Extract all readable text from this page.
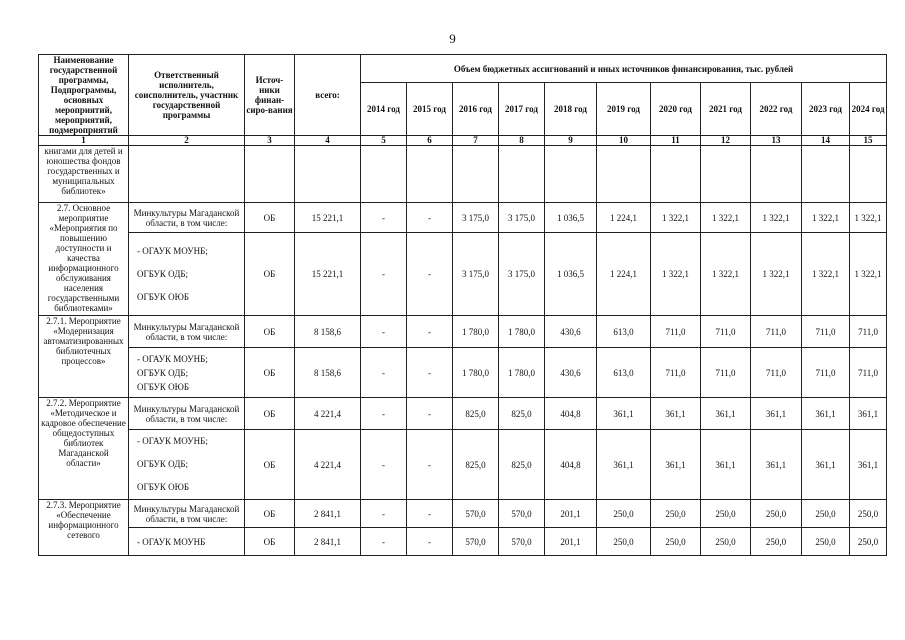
9
Наименование государственной программы, Подпрограммы, основных мероприятий, мероприятий, подмероприятий	Ответственный исполнитель, соисполнитель, участник государственной программы	Источ-ники финан-сиро-вания	всего:	Объем бюджетных ассигнований и иных источников финансирования, тыс. рублей										
				2014 год	2015 год	2016 год	2017 год	2018 год	2019 год	2020 год	2021 год	2022 год	2023 год	2024 год
1	2	3	4	5	6	7	8	9	10	11	12	13	14	15
книгами для детей и юношества фондов государственных и муниципальных библиотек»														
2.7. Основное мероприятие «Мероприятия по повышению доступности и качества информационного обслуживания населения государственными библиотеками»	Минкультуры Магаданской области, в том числе:	ОБ	15 221,1	-	-	3 175,0	3 175,0	1 036,5	1 224,1	1 322,1	1 322,1	1 322,1	1 322,1	1 322,1

	- ОГАУК МОУНБ;
ОГБУК ОДБ;
ОГБУК ОЮБ	ОБ	15 221,1	-	-	3 175,0	3 175,0	1 036,5	1 224,1	1 322,1	1 322,1	1 322,1	1 322,1	1 322,1
2.7.1. Мероприятие «Модернизация автоматизированных библиотечных процессов»	Минкультуры Магаданской области, в том числе:	ОБ	8 158,6	-	-	1 780,0	1 780,0	430,6	613,0	711,0	711,0	711,0	711,0	711,0

	- ОГАУК МОУНБ;
ОГБУК ОДБ;
ОГБУК ОЮБ	ОБ	8 158,6	-	-	1 780,0	1 780,0	430,6	613,0	711,0	711,0	711,0	711,0	711,0
2.7.2. Мероприятие «Методическое и кадровое обеспечение общедоступных библиотек Магаданской области»	Минкультуры Магаданской области, в том числе:	ОБ	4 221,4	-	-	825,0	825,0	404,8	361,1	361,1	361,1	361,1	361,1	361,1

	- ОГАУК МОУНБ;
ОГБУК ОДБ;
ОГБУК ОЮБ	ОБ	4 221,4	-	-	825,0	825,0	404,8	361,1	361,1	361,1	361,1	361,1	361,1
2.7.3. Мероприятие «Обеспечение информационного сетевого	Минкультуры Магаданской области, в том числе:	ОБ	2 841,1	-	-	570,0	570,0	201,1	250,0	250,0	250,0	250,0	250,0	250,0
	- ОГАУК МОУНБ	ОБ	2 841,1	-	-	570,0	570,0	201,1	250,0	250,0	250,0	250,0	250,0	250,0
